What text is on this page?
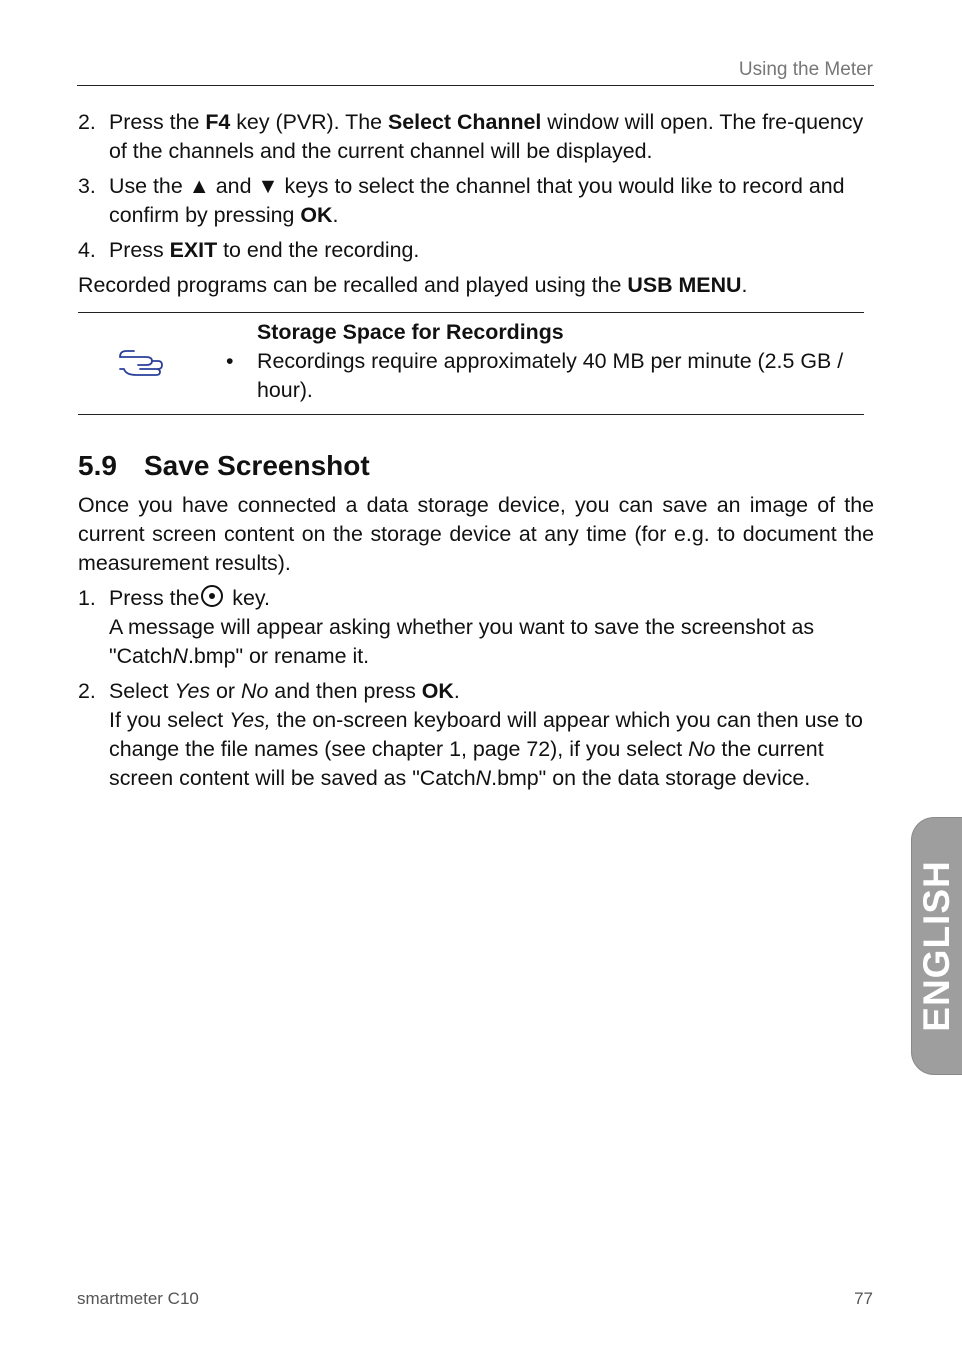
Using the Meter
2. Press the F4 key (PVR). The Select Channel window will open. The fre-quency of the channels and the current channel will be displayed.
3. Use the ▲ and ▼ keys to select the channel that you would like to record and confirm by pressing OK.
4. Press EXIT to end the recording.

Recorded programs can be recalled and played using the USB MENU.

Storage Space for Recordings
• Recordings require approximately 40 MB per minute (2.5 GB / hour).
5.9 Save Screenshot

Once you have connected a data storage device, you can save an image of the current screen content on the storage device at any time (for e.g. to document the measurement results).

1. Press the key.
A message will appear asking whether you want to save the screenshot as "CatchN.bmp" or rename it.
2. Select Yes or No and then press OK.
If you select Yes, the on-screen keyboard will appear which you can then use to change the file names (see chapter 1, page 72), if you select No the current screen content will be saved as "CatchN.bmp" on the data storage device.
ENGLISH
smartmeter C10	77
